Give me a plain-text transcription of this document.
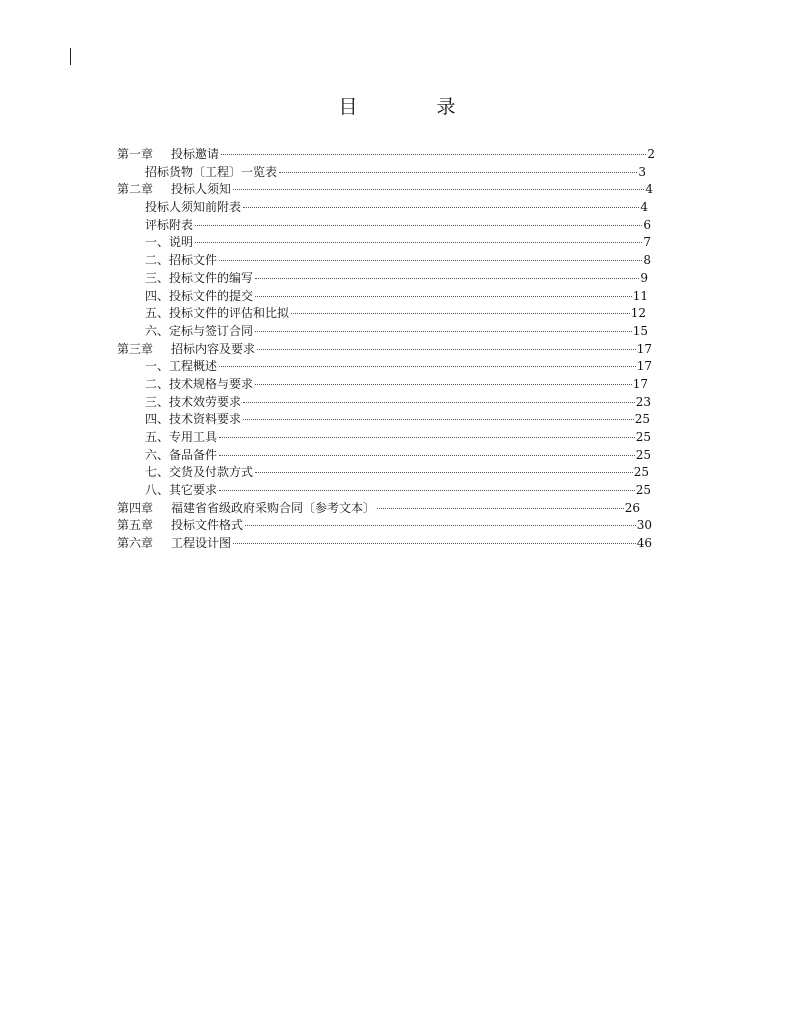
目　录
第一章 投标邀请	2
招标货物〔工程〕一览表	3
第二章 投标人须知	4
投标人须知前附表	4
评标附表	6
一、说明	7
二、招标文件	8
三、投标文件的编写	9
四、投标文件的提交	11
五、投标文件的评估和比拟	12
六、定标与签订合同	15
第三章 招标内容及要求	17
一、工程概述	17
二、技术规格与要求	17
三、技术效劳要求	23
四、技术资料要求	25
五、专用工具	25
六、备品备件	25
七、交货及付款方式	25
八、其它要求	25
第四章 福建省省级政府采购合同〔参考文本〕	26
第五章 投标文件格式	30
第六章 工程设计图	46
